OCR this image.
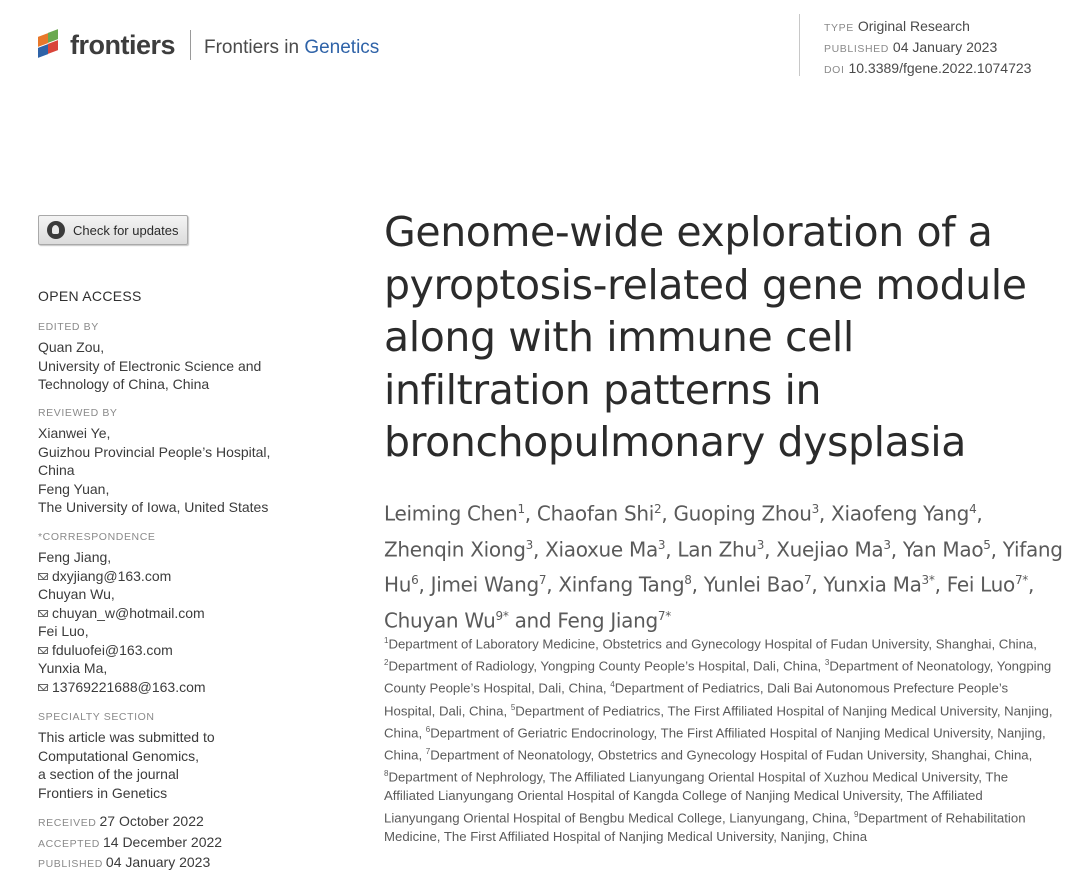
frontiers Frontiers in Genetics
TYPE Original Research
PUBLISHED 04 January 2023
DOI 10.3389/fgene.2022.1074723
Check for updates
OPEN ACCESS
EDITED BY
Quan Zou,
University of Electronic Science and
Technology of China, China
REVIEWED BY
Xianwei Ye,
Guizhou Provincial People’s Hospital,
China
Feng Yuan,
The University of Iowa, United States
*CORRESPONDENCE
Feng Jiang,
dxyjiang@163.com
Chuyan Wu,
chuyan_w@hotmail.com
Fei Luo,
fduluofei@163.com
Yunxia Ma,
13769221688@163.com
SPECIALTY SECTION
This article was submitted to
Computational Genomics,
a section of the journal
Frontiers in Genetics
RECEIVED 27 October 2022
ACCEPTED 14 December 2022
PUBLISHED 04 January 2023
Genome-wide exploration of a
pyroptosis-related gene module
along with immune cell
infiltration patterns in
bronchopulmonary dysplasia
Leiming Chen$^1$, Chaofan Shi$^2$, Guoping Zhou$^3$, Xiaofeng Yang$^4$, Zhenqin Xiong$^3$, Xiaoxue Ma$^3$, Lan Zhu$^3$, Xuejiao Ma$^3$, Yan Mao$^5$, Yifang Hu$^6$, Jimei Wang$^7$, Xinfang Tang$^8$, Yunlei Bao$^7$, Yunxia $Ma^{3*}$, Fei Luo$^{7*}$, Chuyan $Wu^{9*}$ and Feng Jiang$^{7*}$
$^1$Department of Laboratory Medicine, Obstetrics and Gynecology Hospital of Fudan University, Shanghai, China, $^2$Department of Radiology, Yongping County People’s Hospital, Dali, China, $^3$Department of Neonatology, Yongping County People’s Hospital, Dali, China, $^4$Department of Pediatrics, Dali Bai Autonomous Prefecture People’s Hospital, Dali, China, $^5$Department of Pediatrics, The First Affiliated Hospital of Nanjing Medical University, Nanjing, China, $^6$Department of Geriatric Endocrinology, The First Affiliated Hospital of Nanjing Medical University, Nanjing, China, $^7$Department of Neonatology, Obstetrics and Gynecology Hospital of Fudan University, Shanghai, China, $^8$Department of Nephrology, The Affiliated Lianyungang Oriental Hospital of Xuzhou Medical University, The Affiliated Lianyungang Oriental Hospital of Kangda College of Nanjing Medical University, The Affiliated Lianyungang Oriental Hospital of Bengbu Medical College, Lianyungang, China, $^9$Department of Rehabilitation Medicine, The First Affiliated Hospital of Nanjing Medical University, Nanjing, China
